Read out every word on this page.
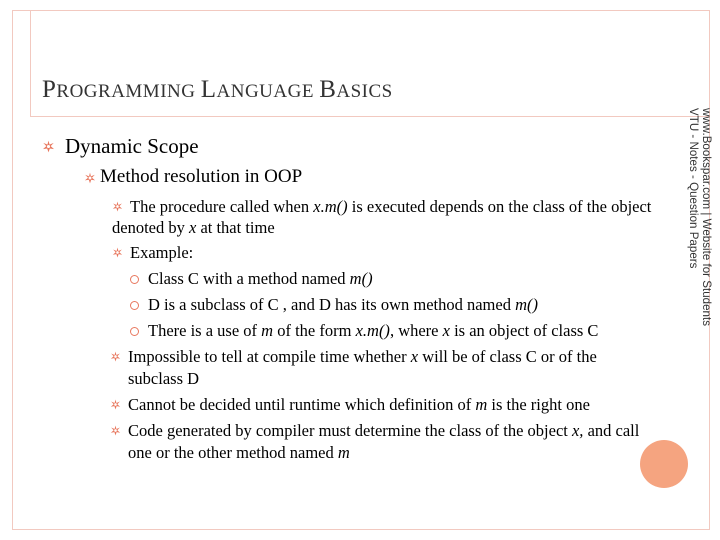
PROGRAMMING LANGUAGE BASICS
Dynamic Scope
Method resolution in OOP
The procedure called when x.m() is executed depends on the class of the object
denoted by x at that time
Example:
Class C with a method named m()
D is a subclass of C , and D has its own method named m()
There is a use of m of the form x.m(), where x is an object of class C
Impossible to tell at compile time whether x will be of class C or of the
subclass D
Cannot be decided until runtime which definition of m is the right one
Code generated by compiler must determine the class of the object x, and call
one or the other method named m
www.Bookspar.com | Website for Students
VTU - Notes - Question Papers
